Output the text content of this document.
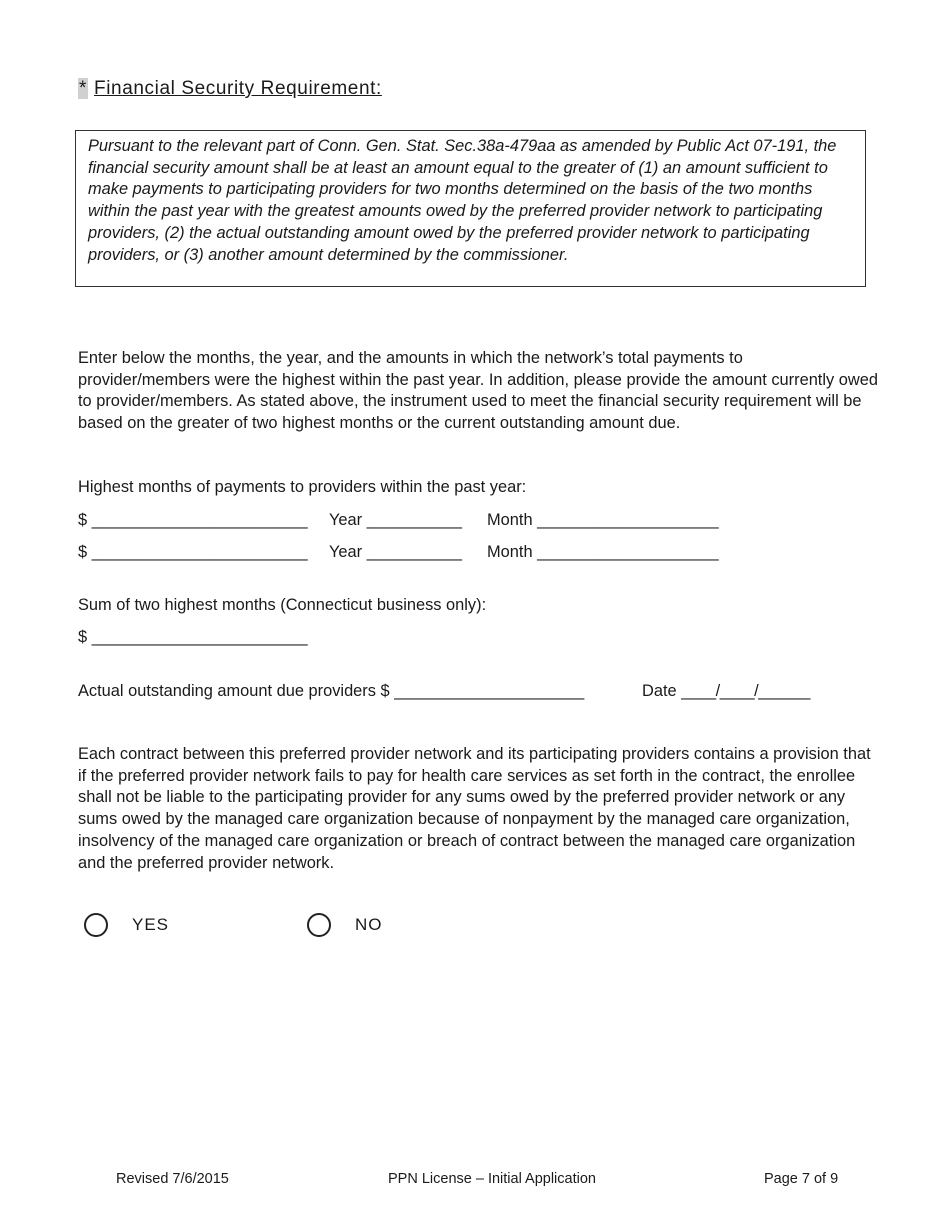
* Financial Security Requirement:
Pursuant to the relevant part of Conn. Gen. Stat. Sec.38a-479aa as amended by Public Act 07-191, the financial security amount shall be at least an amount equal to the greater of (1) an amount sufficient to make payments to participating providers for two months determined on the basis of the two months within the past year with the greatest amounts owed by the preferred provider network to participating providers, (2) the actual outstanding amount owed by the preferred provider network to participating providers, or (3) another amount determined by the commissioner.
Enter below the months, the year, and the amounts in which the network’s total payments to provider/members were the highest within the past year. In addition, please provide the amount currently owed to provider/members. As stated above, the instrument used to meet the financial security requirement will be based on the greater of two highest months or the current outstanding amount due.
Highest months of payments to providers within the past year:
$ _________________________ Year ___________ Month _____________________
$ _________________________ Year ___________ Month _____________________
Sum of two highest months (Connecticut business only):
$ _________________________
Actual outstanding amount due providers $ ______________________	Date ____/____/______
Each contract between this preferred provider network and its participating providers contains a provision that if the preferred provider network fails to pay for health care services as set forth in the contract, the enrollee shall not be liable to the participating provider for any sums owed by the preferred provider network or any sums owed by the managed care organization because of nonpayment by the managed care organization, insolvency of the managed care organization or breach of contract between the managed care organization and the preferred provider network.
YES	NO
Revised 7/6/2015	PPN License – Initial Application	Page 7 of 9
